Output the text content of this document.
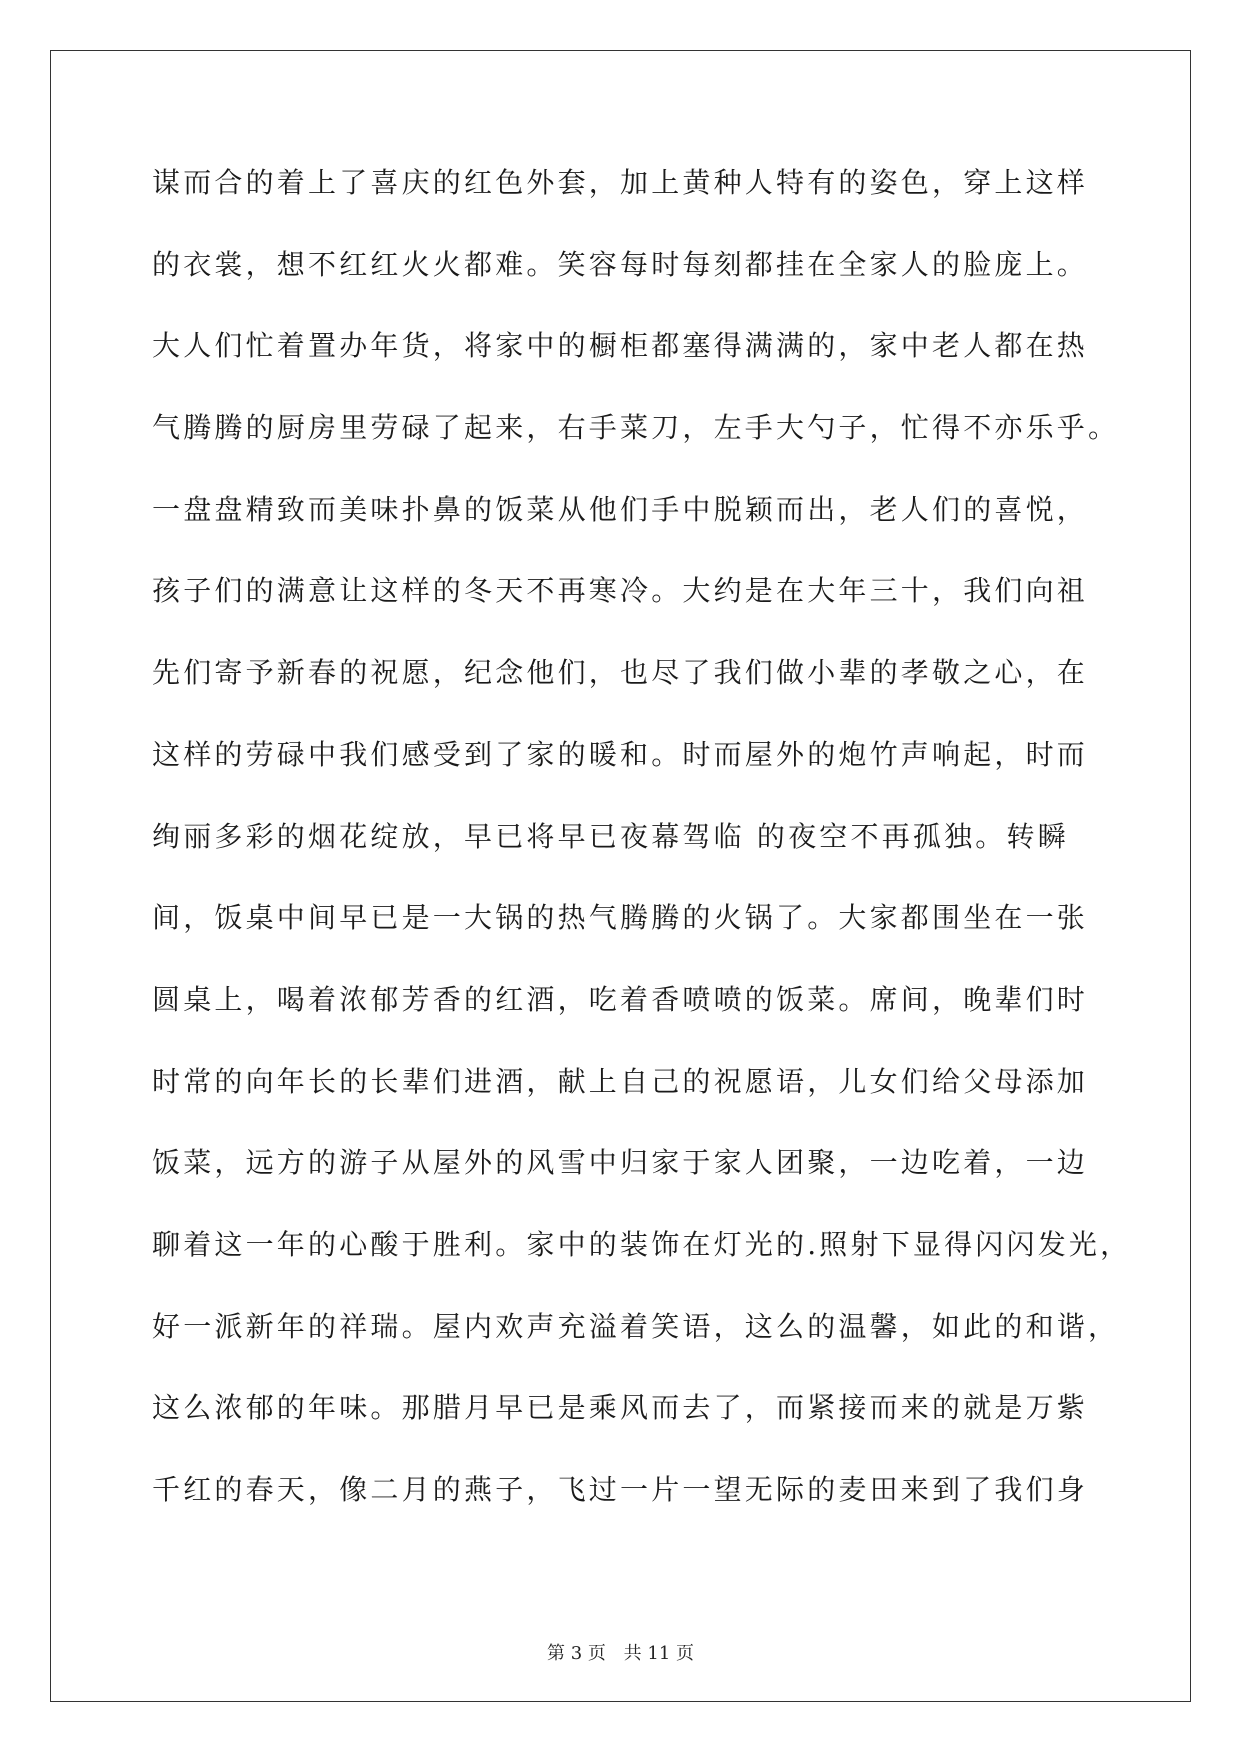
谋而合的着上了喜庆的红色外套，加上黄种人特有的姿色，穿上这样
的衣裳，想不红红火火都难。笑容每时每刻都挂在全家人的脸庞上。
大人们忙着置办年货，将家中的橱柜都塞得满满的，家中老人都在热
气腾腾的厨房里劳碌了起来，右手菜刀，左手大勺子，忙得不亦乐乎。
一盘盘精致而美味扑鼻的饭菜从他们手中脱颖而出，老人们的喜悦，
孩子们的满意让这样的冬天不再寒冷。大约是在大年三十，我们向祖
先们寄予新春的祝愿，纪念他们，也尽了我们做小辈的孝敬之心，在
这样的劳碌中我们感受到了家的暖和。时而屋外的炮竹声响起，时而
绚丽多彩的烟花绽放，早已将早已夜幕驾临 的夜空不再孤独。转瞬
间，饭桌中间早已是一大锅的热气腾腾的火锅了。大家都围坐在一张
圆桌上，喝着浓郁芳香的红酒，吃着香喷喷的饭菜。席间，晚辈们时
时常的向年长的长辈们进酒，献上自己的祝愿语，儿女们给父母添加
饭菜，远方的游子从屋外的风雪中归家于家人团聚，一边吃着，一边
聊着这一年的心酸于胜利。家中的装饰在灯光的.照射下显得闪闪发光，
好一派新年的祥瑞。屋内欢声充溢着笑语，这么的温馨，如此的和谐，
这么浓郁的年味。那腊月早已是乘风而去了，而紧接而来的就是万紫
千红的春天，像二月的燕子，飞过一片一望无际的麦田来到了我们身
第 3 页 共 11 页
